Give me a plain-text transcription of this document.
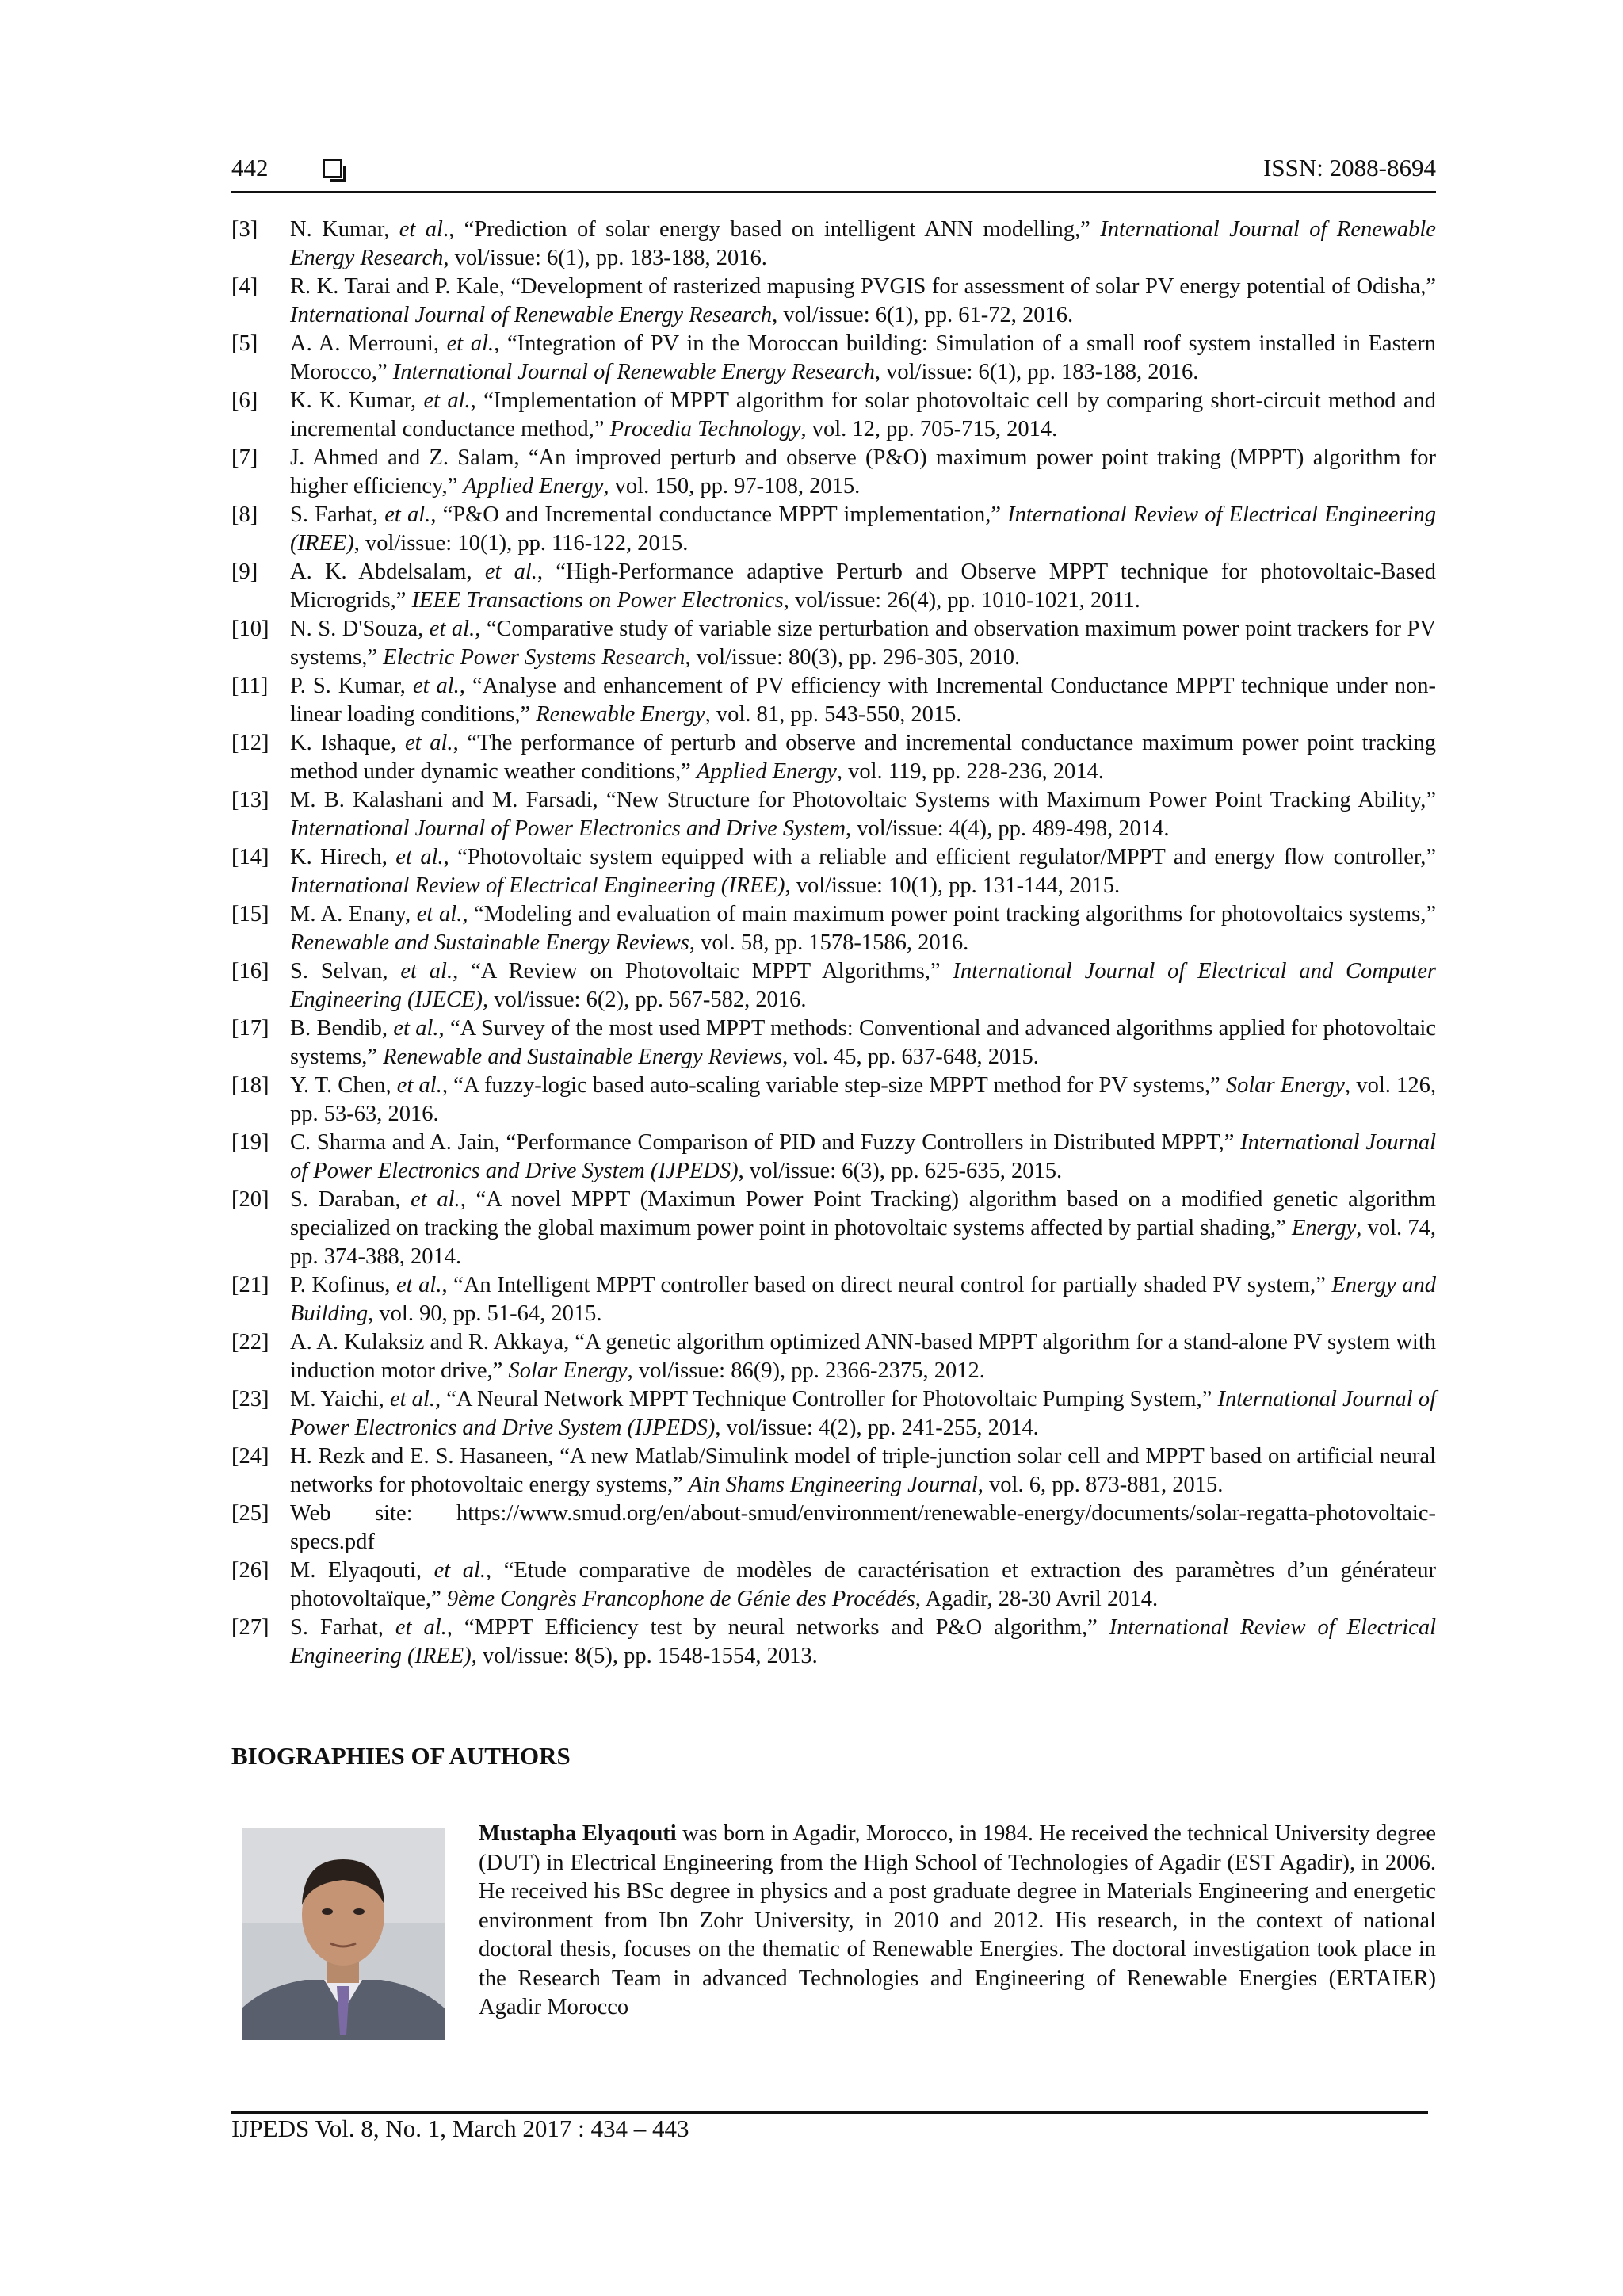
442	ISSN: 2088-8694
[3]	N. Kumar, et al., “Prediction of solar energy based on intelligent ANN modelling,” International Journal of Renewable Energy Research, vol/issue: 6(1), pp. 183-188, 2016.
[4]	R. K. Tarai and P. Kale, “Development of rasterized mapusing PVGIS for assessment of solar PV energy potential of Odisha,” International Journal of Renewable Energy Research, vol/issue: 6(1), pp. 61-72, 2016.
[5]	A. A. Merrouni, et al., “Integration of PV in the Moroccan building: Simulation of a small roof system installed in Eastern Morocco,” International Journal of Renewable Energy Research, vol/issue: 6(1), pp. 183-188, 2016.
[6]	K. K. Kumar, et al., “Implementation of MPPT algorithm for solar photovoltaic cell by comparing short-circuit method and incremental conductance method,” Procedia Technology, vol. 12, pp. 705-715, 2014.
[7]	J. Ahmed and Z. Salam, “An improved perturb and observe (P&O) maximum power point traking (MPPT) algorithm for higher efficiency,” Applied Energy, vol. 150, pp. 97-108, 2015.
[8]	S. Farhat, et al., “P&O and Incremental conductance MPPT implementation,” International Review of Electrical Engineering (IREE), vol/issue: 10(1), pp. 116-122, 2015.
[9]	A. K. Abdelsalam, et al., “High-Performance adaptive Perturb and Observe MPPT technique for photovoltaic-Based Microgrids,” IEEE Transactions on Power Electronics, vol/issue: 26(4), pp. 1010-1021, 2011.
[10] N. S. D'Souza, et al., “Comparative study of variable size perturbation and observation maximum power point trackers for PV systems,” Electric Power Systems Research, vol/issue: 80(3), pp. 296-305, 2010.
[11] P. S. Kumar, et al., “Analyse and enhancement of PV efficiency with Incremental Conductance MPPT technique under non-linear loading conditions,” Renewable Energy, vol. 81, pp. 543-550, 2015.
[12] K. Ishaque, et al., “The performance of perturb and observe and incremental conductance maximum power point tracking method under dynamic weather conditions,” Applied Energy, vol. 119, pp. 228-236, 2014.
[13] M. B. Kalashani and M. Farsadi, “New Structure for Photovoltaic Systems with Maximum Power Point Tracking Ability,” International Journal of Power Electronics and Drive System, vol/issue: 4(4), pp. 489-498, 2014.
[14] K. Hirech, et al., “Photovoltaic system equipped with a reliable and efficient regulator/MPPT and energy flow controller,” International Review of Electrical Engineering (IREE), vol/issue: 10(1), pp. 131-144, 2015.
[15] M. A. Enany, et al., “Modeling and evaluation of main maximum power point tracking algorithms for photovoltaics systems,” Renewable and Sustainable Energy Reviews, vol. 58, pp. 1578-1586, 2016.
[16] S. Selvan, et al., “A Review on Photovoltaic MPPT Algorithms,” International Journal of Electrical and Computer Engineering (IJECE), vol/issue: 6(2), pp. 567-582, 2016.
[17] B. Bendib, et al., “A Survey of the most used MPPT methods: Conventional and advanced algorithms applied for photovoltaic systems,” Renewable and Sustainable Energy Reviews, vol. 45, pp. 637-648, 2015.
[18] Y. T. Chen, et al., “A fuzzy-logic based auto-scaling variable step-size MPPT method for PV systems,” Solar Energy, vol. 126, pp. 53-63, 2016.
[19] C. Sharma and A. Jain, “Performance Comparison of PID and Fuzzy Controllers in Distributed MPPT,” International Journal of Power Electronics and Drive System (IJPEDS), vol/issue: 6(3), pp. 625-635, 2015.
[20] S. Daraban, et al., “A novel MPPT (Maximun Power Point Tracking) algorithm based on a modified genetic algorithm specialized on tracking the global maximum power point in photovoltaic systems affected by partial shading,” Energy, vol. 74, pp. 374-388, 2014.
[21] P. Kofinus, et al., “An Intelligent MPPT controller based on direct neural control for partially shaded PV system,” Energy and Building, vol. 90, pp. 51-64, 2015.
[22] A. A. Kulaksiz and R. Akkaya, “A genetic algorithm optimized ANN-based MPPT algorithm for a stand-alone PV system with induction motor drive,” Solar Energy, vol/issue: 86(9), pp. 2366-2375, 2012.
[23] M. Yaichi, et al., “A Neural Network MPPT Technique Controller for Photovoltaic Pumping System,” International Journal of Power Electronics and Drive System (IJPEDS), vol/issue: 4(2), pp. 241-255, 2014.
[24] H. Rezk and E. S. Hasaneen, “A new Matlab/Simulink model of triple-junction solar cell and MPPT based on artificial neural networks for photovoltaic energy systems,” Ain Shams Engineering Journal, vol. 6, pp. 873-881, 2015.
[25] Web site: https://www.smud.org/en/about-smud/environment/renewable-energy/documents/solar-regatta-photovoltaic-specs.pdf
[26] M. Elyaqouti, et al., “Etude comparative de modèles de caractérisation et extraction des paramètres d’un générateur photovoltaïque,” 9ème Congrès Francophone de Génie des Procédés, Agadir, 28-30 Avril 2014.
[27] S. Farhat, et al., “MPPT Efficiency test by neural networks and P&O algorithm,” International Review of Electrical Engineering (IREE), vol/issue: 8(5), pp. 1548-1554, 2013.
BIOGRAPHIES OF AUTHORS
Mustapha Elyaqouti was born in Agadir, Morocco, in 1984. He received the technical University degree (DUT) in Electrical Engineering from the High School of Technologies of Agadir (EST Agadir), in 2006. He received his BSc degree in physics and a post graduate degree in Materials Engineering and energetic environment from Ibn Zohr University, in 2010 and 2012. His research, in the context of national doctoral thesis, focuses on the thematic of Renewable Energies. The doctoral investigation took place in the Research Team in advanced Technologies and Engineering of Renewable Energies (ERTAIER) Agadir Morocco
IJPEDS Vol. 8, No. 1, March 2017 : 434 – 443
